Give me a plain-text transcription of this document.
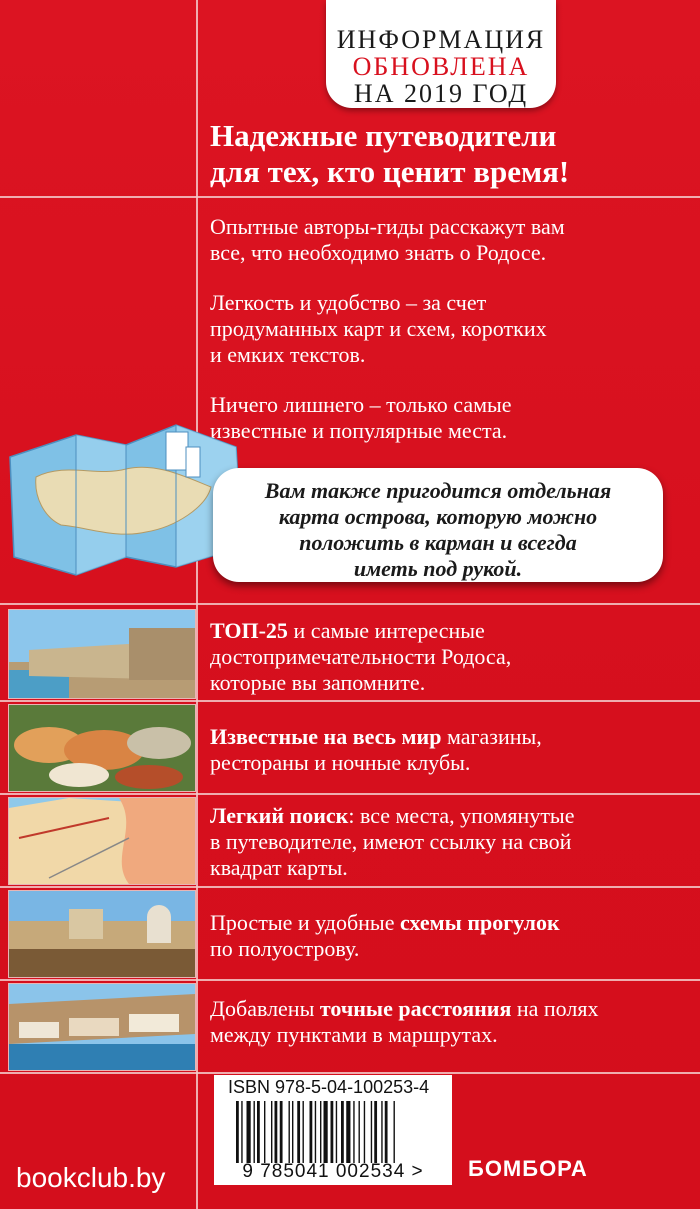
ИНФОРМАЦИЯ
ОБНОВЛЕНА
НА 2019 ГОД
Надежные путеводители
для тех, кто ценит время!
Опытные авторы-гиды расскажут вам
все, что необходимо знать о Родосе.
Легкость и удобство – за счет
продуманных карт и схем, коротких
и емких текстов.
Ничего лишнего – только самые
известные и популярные места.
Вам также пригодится отдельная
карта острова, которую можно
положить в карман и всегда
иметь под рукой.
ТОП-25 и самые интересные
достопримечательности Родоса,
которые вы запомните.
Известные на весь мир магазины,
рестораны и ночные клубы.
Легкий поиск: все места, упомянутые
в путеводителе, имеют ссылку на свой
квадрат карты.
Простые и удобные схемы прогулок
по полуострову.
Добавлены точные расстояния на полях
между пунктами в маршрутах.
ISBN 978-5-04-100253-4
9 785041 002534 >	БОМБОРА
bookclub.by
